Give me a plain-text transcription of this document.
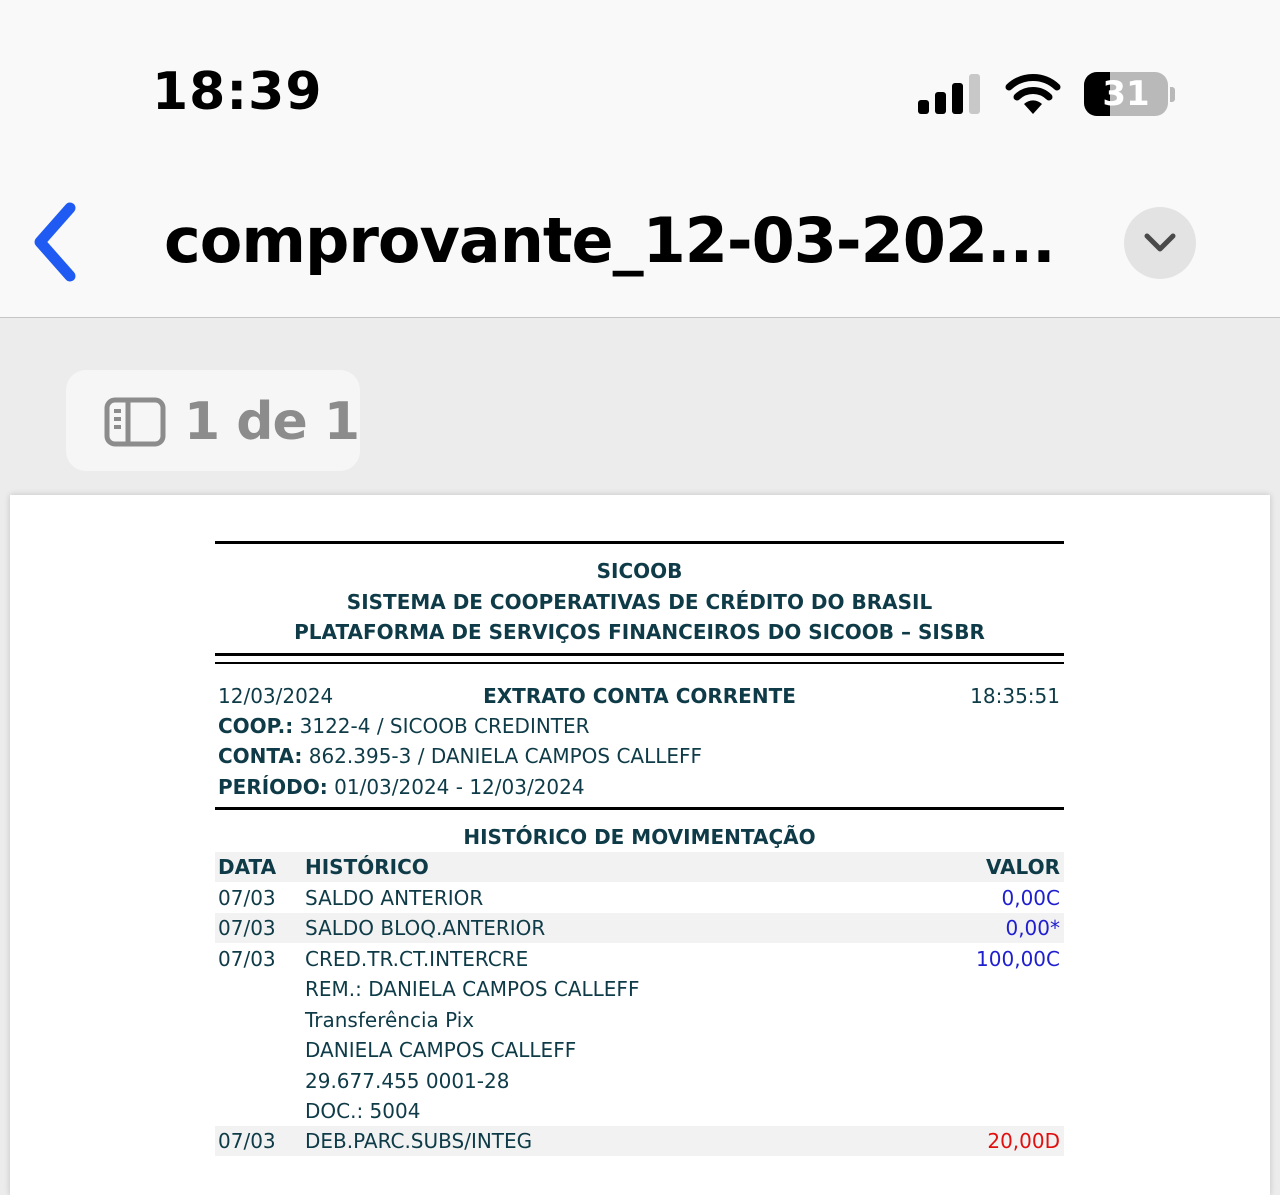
18:39	31
comprovante_12-03-202...
1 de 1
SICOOB
SISTEMA DE COOPERATIVAS DE CRÉDITO DO BRASIL
PLATAFORMA DE SERVIÇOS FINANCEIROS DO SICOOB – SISBR
12/03/2024	EXTRATO CONTA CORRENTE	18:35:51
COOP.: 3122-4 / SICOOB CREDINTER
CONTA: 862.395-3 / DANIELA CAMPOS CALLEFF
PERÍODO: 01/03/2024 - 12/03/2024
HISTÓRICO DE MOVIMENTAÇÃO
DATA HISTÓRICO	VALOR
07/03 SALDO ANTERIOR	0,00C
07/03 SALDO BLOQ.ANTERIOR	0,00*
07/03 CRED.TR.CT.INTERCRE	100,00C
REM.: DANIELA CAMPOS CALLEFF
Transferência Pix
DANIELA CAMPOS CALLEFF
29.677.455 0001-28
DOC.: 5004
07/03 DEB.PARC.SUBS/INTEG	20,00D
